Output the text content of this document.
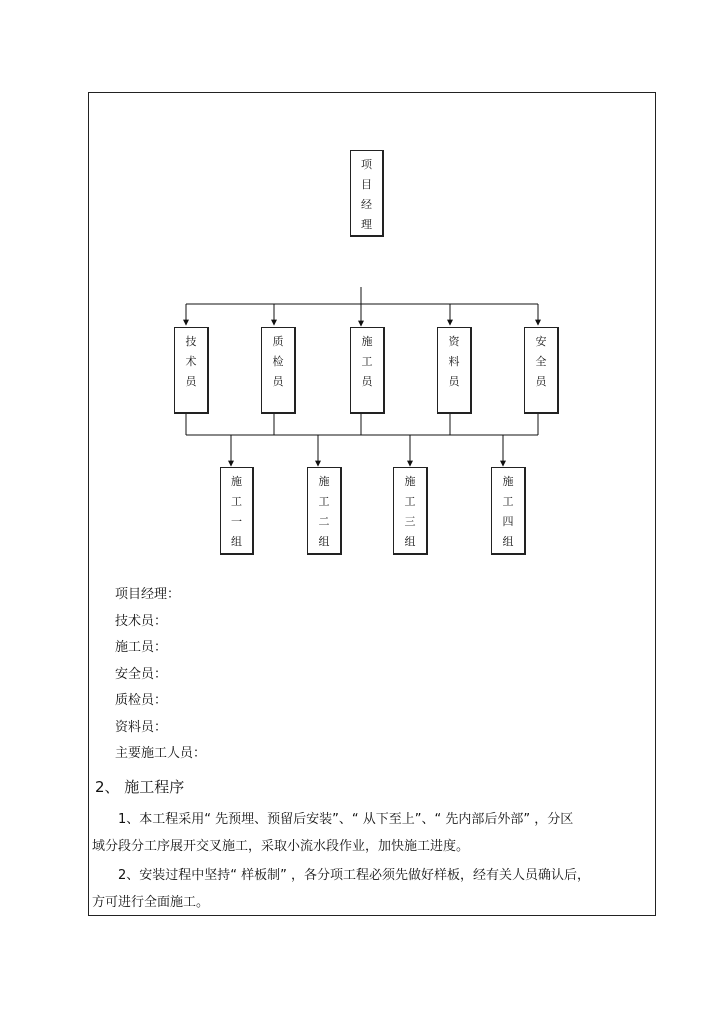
项目经理
技术员
质检员
施工员
资料员
安全员
施工一组
施工二组
施工三组
施工四组
项目经理：
技术员：
施工员：
安全员：
质检员：
资料员：
主要施工人员：
2、 施工程序
　　1、本工程采用“ 先预埋、预留后安装”、“ 从下至上”、“ 先内部后外部” ，分区
域分段分工序展开交叉施工，采取小流水段作业，加快施工进度。
　　2、安装过程中坚持“ 样板制” ，各分项工程必须先做好样板，经有关人员确认后，
方可进行全面施工。
